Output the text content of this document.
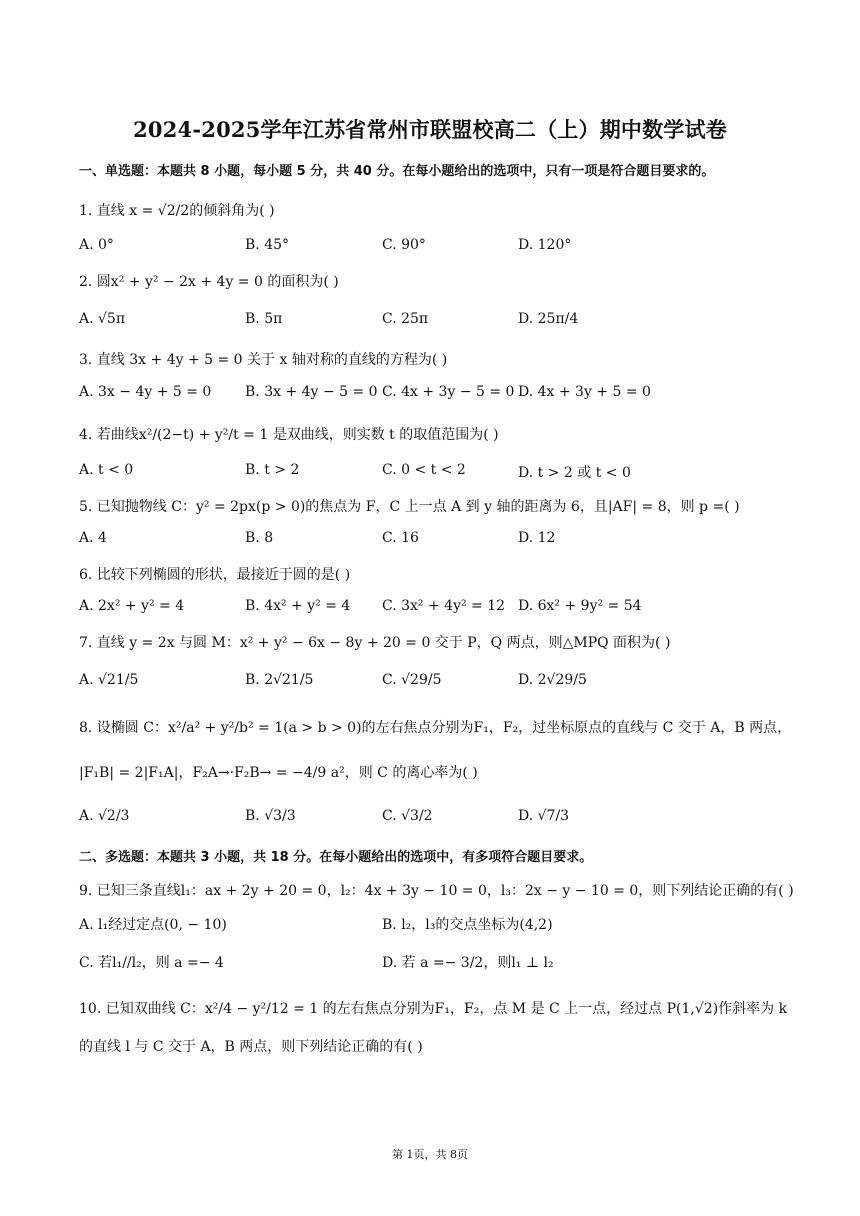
2024-2025学年江苏省常州市联盟校高二（上）期中数学试卷
一、单选题：本题共 8 小题，每小题 5 分，共 40 分。在每小题给出的选项中，只有一项是符合题目要求的。
1. 直线 x = √2/2的倾斜角为( )
A. 0°	B. 45°	C. 90°	D. 120°
2. 圆x² + y² − 2x + 4y = 0 的面积为( )
A. √5π	B. 5π	C. 25π	D. 25π/4
3. 直线 3x + 4y + 5 = 0 关于 x 轴对称的直线的方程为( )
A. 3x − 4y + 5 = 0 B. 3x + 4y − 5 = 0 C. 4x + 3y − 5 = 0 D. 4x + 3y + 5 = 0
4. 若曲线x²/(2−t) + y²/t = 1 是双曲线，则实数 t 的取值范围为( )
A. t < 0	B. t > 2	C. 0 < t < 2	D. t > 2 或 t < 0
5. 已知抛物线 C：y² = 2px(p > 0)的焦点为 F，C 上一点 A 到 y 轴的距离为 6，且|AF| = 8，则 p =( )
A. 4	B. 8	C. 16	D. 12
6. 比较下列椭圆的形状，最接近于圆的是( )
A. 2x² + y² = 4	B. 4x² + y² = 4 C. 3x² + 4y² = 12 D. 6x² + 9y² = 54
7. 直线 y = 2x 与圆 M：x² + y² − 6x − 8y + 20 = 0 交于 P，Q 两点，则△MPQ 面积为( )
A. √21/5	B. 2√21/5	C. √29/5	D. 2√29/5
8. 设椭圆 C：x²/a² + y²/b² = 1(a > b > 0)的左右焦点分别为F₁，F₂，过坐标原点的直线与 C 交于 A，B 两点，
|F₁B| = 2|F₁A|，F₂A→·F₂B→ = −4/9 a²，则 C 的离心率为( )
A. √2/3	B. √3/3	C. √3/2	D. √7/3
二、多选题：本题共 3 小题，共 18 分。在每小题给出的选项中，有多项符合题目要求。
9. 已知三条直线l₁：ax + 2y + 20 = 0，l₂：4x + 3y − 10 = 0，l₃：2x − y − 10 = 0，则下列结论正确的有( )
A. l₁经过定点(0, − 10)	B. l₂，l₃的交点坐标为(4,2)
C. 若l₁//l₂，则 a =− 4	D. 若 a =− 3/2，则l₁ ⊥ l₂
10. 已知双曲线 C：x²/4 − y²/12 = 1 的左右焦点分别为F₁，F₂，点 M 是 C 上一点，经过点 P(1,√2)作斜率为 k
的直线 l 与 C 交于 A，B 两点，则下列结论正确的有( )
第 1页，共 8页
